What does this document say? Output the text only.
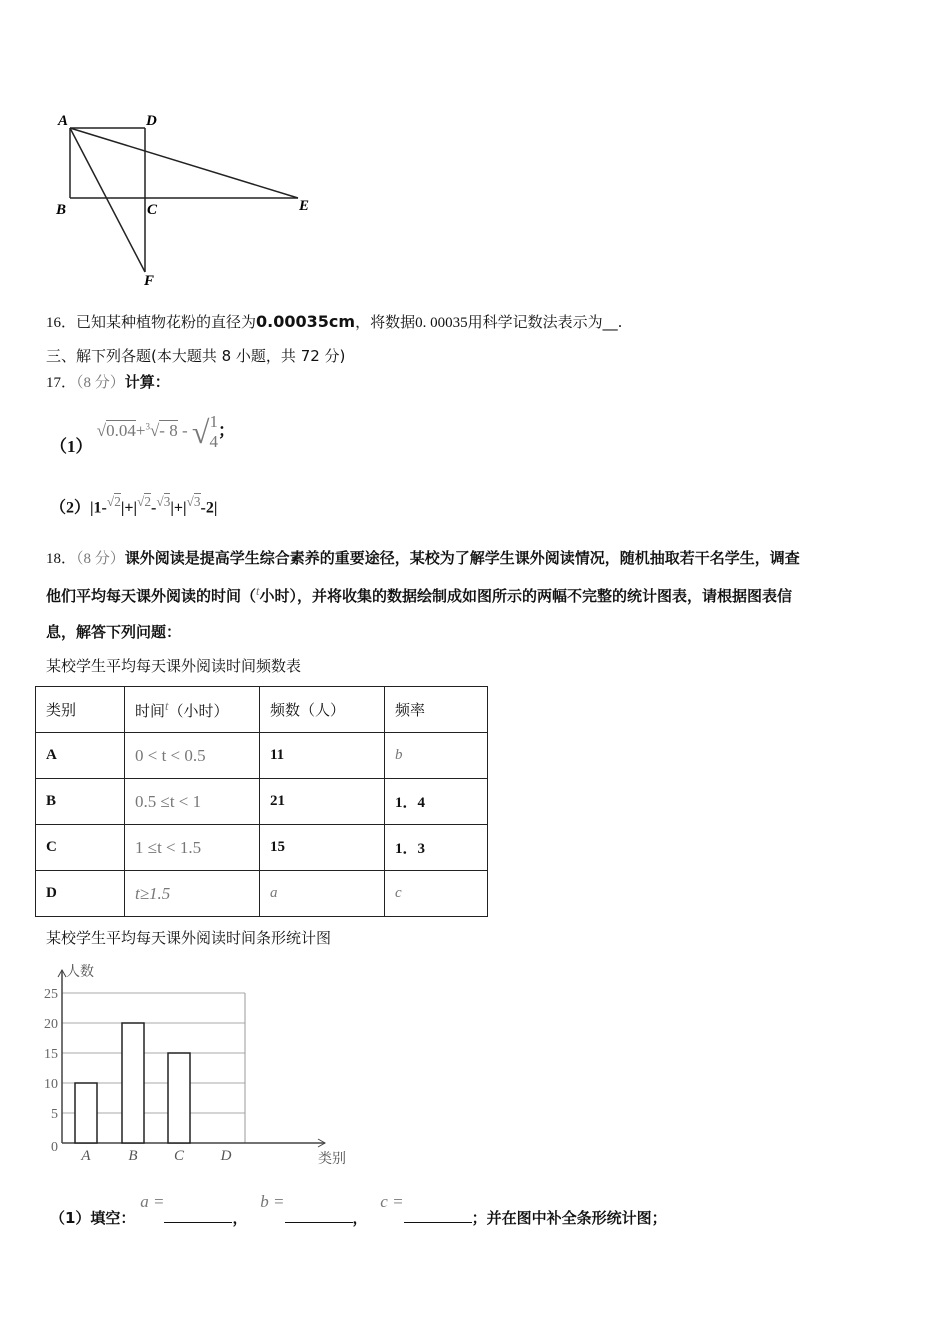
A	D
B	C	E
F
16．已知某种植物花粉的直径为0.00035cm，将数据0. 00035用科学记数法表示为__.
三、解下列各题(本大题共 8 小题，共 72 分)
17．（8 分）计算：
（1） √0.04+$^3$√- 8 - √1
4；
$(2)|1-^{√2}|+|^{√2}-^{√3}|+|^{√3}-2|$
18．（8 分）课外阅读是提高学生综合素养的重要途径，某校为了解学生课外阅读情况，随机抽取若干名学生，调查
他们平均每天课外阅读的时间（$^t$小时），并将收集的数据绘制成如图所示的两幅不完整的统计图表，请根据图表信
息，解答下列问题：
某校学生平均每天课外阅读时间频数表
类别	时间$^t$（小时）	频数（人）	频率
A	0 < t < 0.5	11	b
B	0.5 ≤t < 1	21	1．4
C	1 ≤t < 1.5	15	1．3
D	t≥1.5	a	c
某校学生平均每天课外阅读时间条形统计图
0
5
10
15
20
25
人数
类别
A	B C D
（1）填空： a =， b =， c =；并在图中补全条形统计图；
